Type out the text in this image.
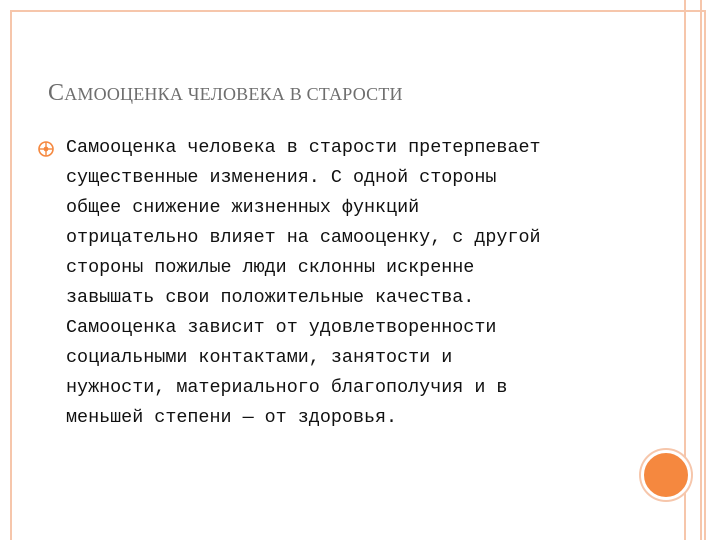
САМООЦЕНКА ЧЕЛОВЕКА В СТАРОСТИ
Самооценка человека в старости претерпевает
существенные изменения. С одной стороны
общее снижение жизненных функций
отрицательно влияет на самооценку, с другой
стороны пожилые люди склонны искренне
завышать свои положительные качества.
Самооценка зависит от удовлетворенности
социальными контактами, занятости и
нужности, материального благополучия и в
меньшей степени — от здоровья.
